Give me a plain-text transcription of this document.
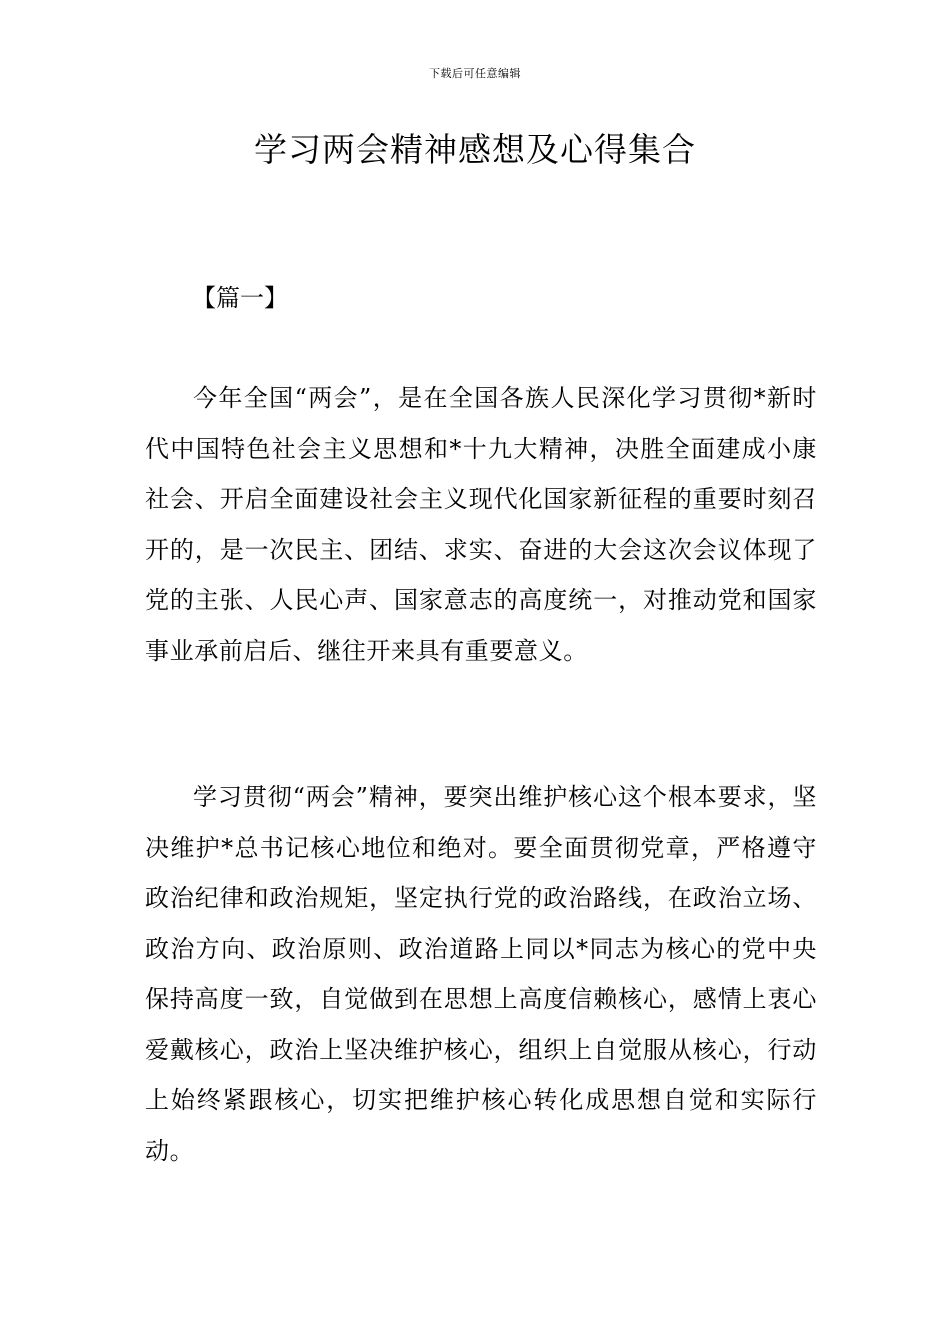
下载后可任意编辑
学习两会精神感想及心得集合
【篇一】

今年全国“两会”，是在全国各族人民深化学习贯彻*新时代中国特色社会主义思想和*十九大精神，决胜全面建成小康社会、开启全面建设社会主义现代化国家新征程的重要时刻召开的，是一次民主、团结、求实、奋进的大会这次会议体现了党的主张、人民心声、国家意志的高度统一，对推动党和国家事业承前启后、继往开来具有重要意义。

学习贯彻“两会”精神，要突出维护核心这个根本要求，坚决维护*总书记核心地位和绝对。要全面贯彻党章，严格遵守政治纪律和政治规矩，坚定执行党的政治路线，在政治立场、政治方向、政治原则、政治道路上同以*同志为核心的党中央保持高度一致，自觉做到在思想上高度信赖核心，感情上衷心爱戴核心，政治上坚决维护核心，组织上自觉服从核心，行动上始终紧跟核心，切实把维护核心转化成思想自觉和实际行动。
